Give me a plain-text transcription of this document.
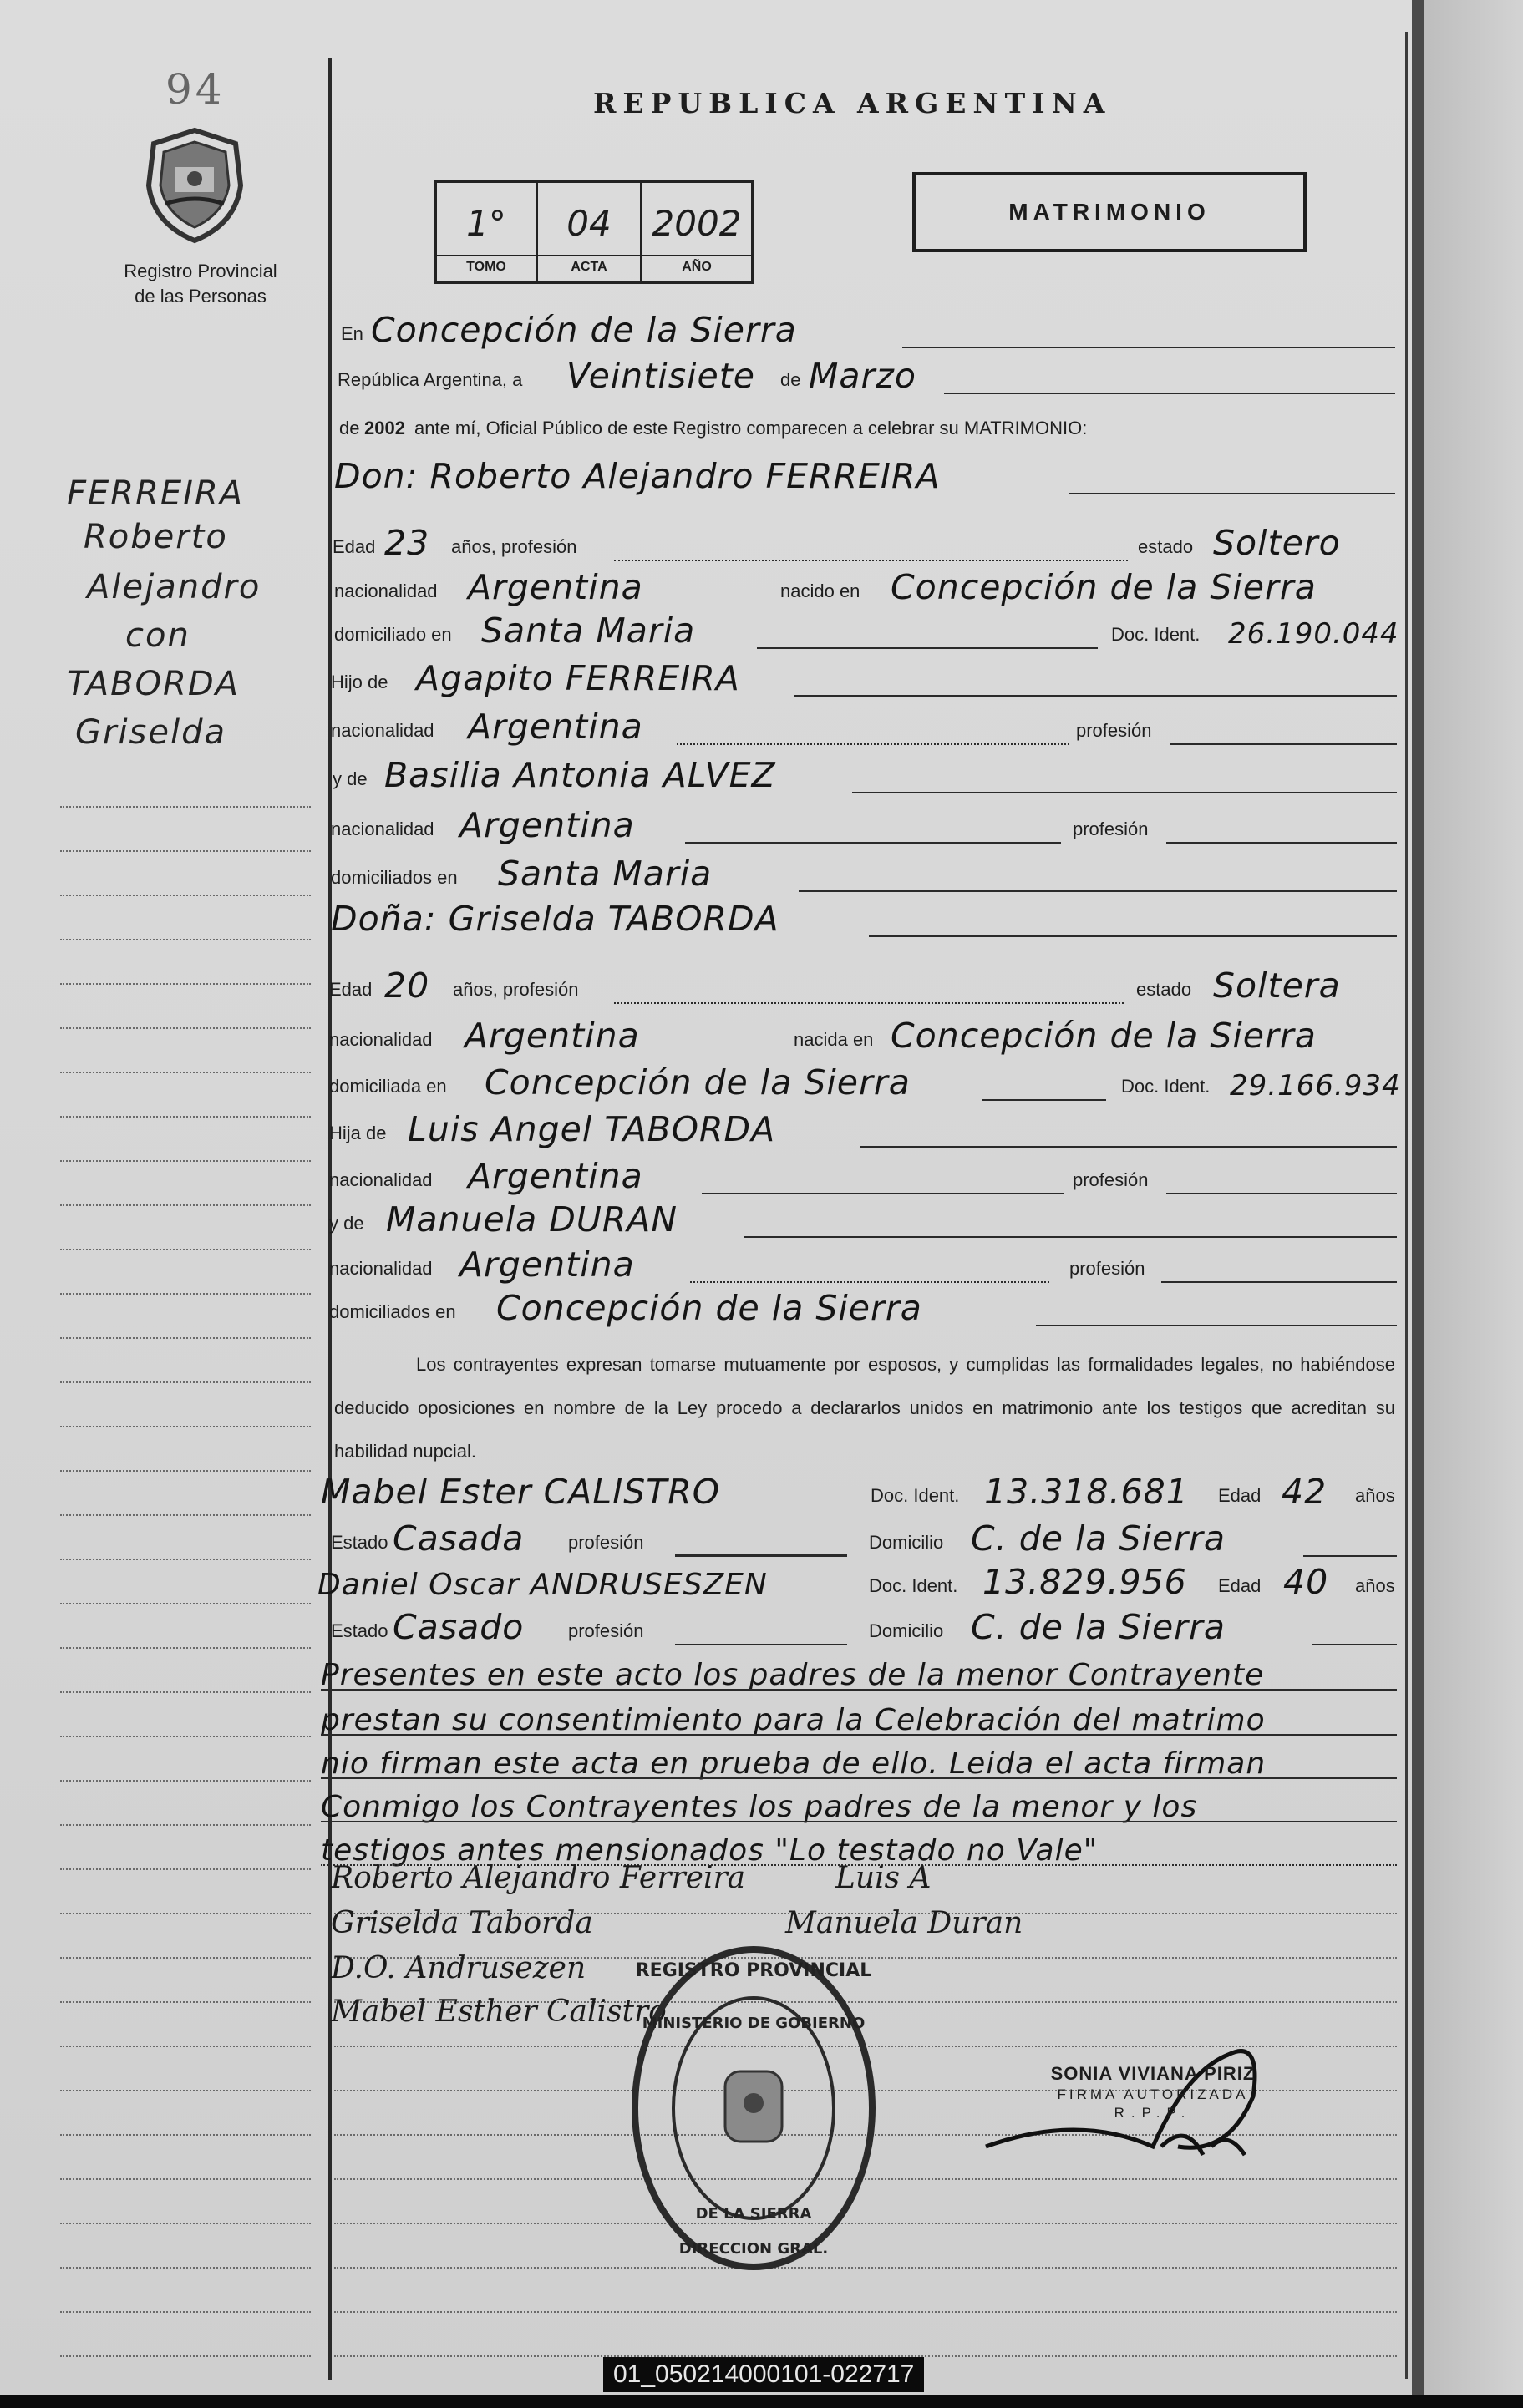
94
Registro Provincial
de las Personas
REPUBLICA ARGENTINA
1°
TOMO
04
ACTA
2002
AÑO
MATRIMONIO
FERREIRA
Roberto
Alejandro
con
TABORDA
Griselda
En Concepción de la Sierra
República Argentina, a Veintisiete de Marzo
de 2002 ante mí, Oficial Público de este Registro comparecen a celebrar su MATRIMONIO:
Don: Roberto Alejandro FERREIRA
Edad 23 años, profesión	estado Soltero
nacionalidad Argentina	nacido en Concepción de la Sierra
domiciliado en Santa Maria	Doc. Ident. 26.190.044
Hijo de Agapito FERREIRA
nacionalidad Argentina	profesión
y de Basilia Antonia ALVEZ
nacionalidad Argentina	profesión
domiciliados en Santa Maria
Doña: Griselda TABORDA
Edad 20 años, profesión	estado Soltera
nacionalidad Argentina	nacida en Concepción de la Sierra
domiciliada en Concepción de la Sierra	Doc. Ident. 29.166.934
Hija de Luis Angel TABORDA
nacionalidad Argentina	profesión
y de Manuela DURAN
nacionalidad Argentina	profesión
domiciliados en Concepción de la Sierra
Los contrayentes expresan tomarse mutuamente por esposos, y cumplidas las formalidades legales, no habiéndose deducido oposiciones en nombre de la Ley procedo a declararlos unidos en matrimonio ante los testigos que acreditan su habilidad nupcial.
Mabel Ester CALISTRO	Doc. Ident. 13.318.681 Edad 42 años
Estado Casada profesión	Domicilio C. de la Sierra
Daniel Oscar ANDRUSESZEN	Doc. Ident. 13.829.956 Edad 40 años
Estado Casado profesión	Domicilio C. de la Sierra
Presentes en este acto los padres de la menor Contrayente
prestan su consentimiento para la Celebración del matrimo
nio firman este acta en prueba de ello. Leida el acta firman
Conmigo los Contrayentes los padres de la menor y los
testigos antes mensionados "Lo testado no Vale"
Roberto Alejandro Ferreira	Luis A
Griselda Taborda	Manuela Duran
D.O. Andrusezen
Mabel Esther Calistro
REGISTRO PROVINCIAL
MINISTERIO DE GOBIERNO
DE LA SIERRA
DIRECCION GRAL.
SONIA VIVIANA PIRIZ
FIRMA AUTORIZADA
R.P.P.
01_050214000101-022717
